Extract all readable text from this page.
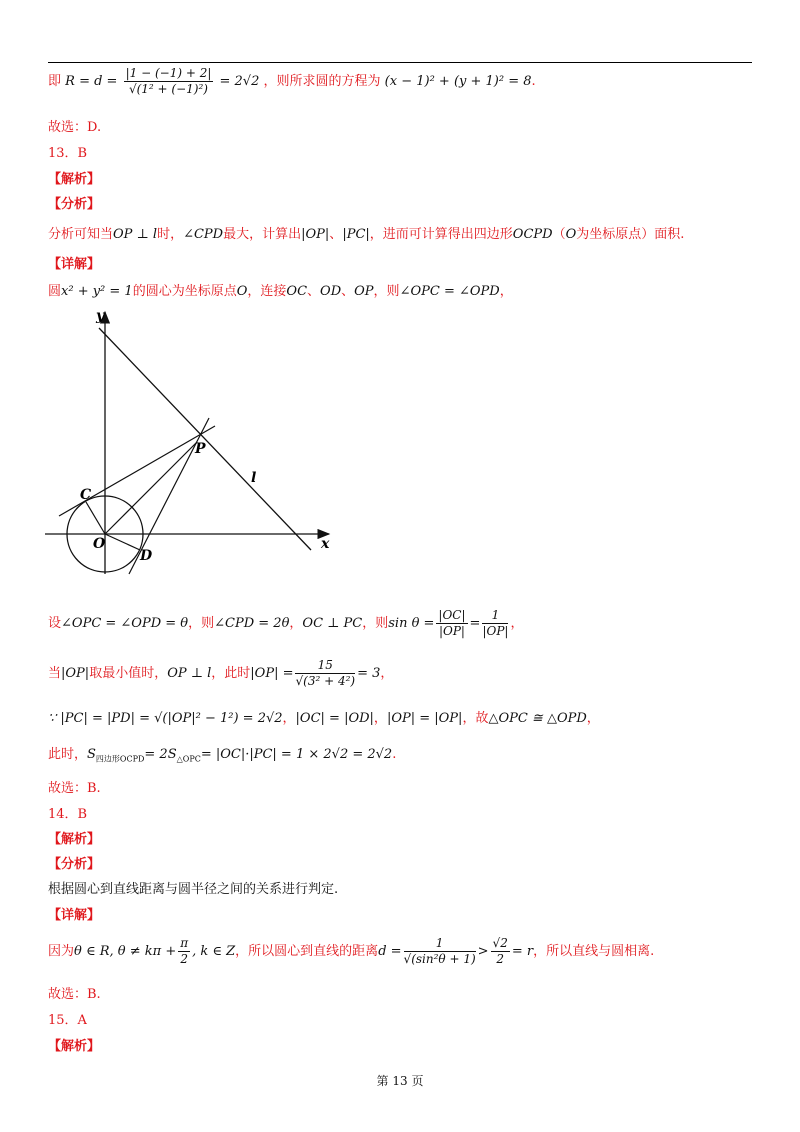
即 $R = d = \frac{|1 - (-1) + 2|}{\text{√(1² + (−1)²)}} = 2√2$ ，则所求圆的方程为 (x − 1)² + (y + 1)² = 8.
故选：D.
13．B
【解析】
【分析】
分析可知当OP ⊥ l时，∠CPD最大，计算出|OP|、|PC|，进而可计算得出四边形OCPD（O为坐标原点）面积.
【详解】
圆x² + y² = 1的圆心为坐标原点O，连接OC、OD、OP，则∠OPC = ∠OPD，
y
x
P
l
C
O
D
设∠OPC = ∠OPD = θ，则∠CPD = 2θ，OC ⊥ PC，则$\sin \theta = \frac{|OC|}{|OP|} = \frac{1}{|OP|}$ ，
当|OP|取最小值时，OP ⊥ l，此时$|OP| = \frac{15}{\text{√(3² + 4²)}} = 3$，
∵ |PC| = |PD| = √(|OP|² − 1²) = 2√2，|OC| = |OD|，|OP| = |OP|，故△OPC ≅ △OPD，
此时，$S_{四边形OCPD}= 2S_{\triangle OPC}= |OC|\cdot|PC| = 1 \times 2√2 = 2√2$.
故选：B.
14．B
【解析】
【分析】
根据圆心到直线距离与圆半径之间的关系进行判定.
【详解】
因为θ ∈ R, $\theta \ne k\pi + \frac{\pi}{2}$ , k ∈ Z，所以圆心到直线的距离$d = \frac{1}{\text{√(sin²θ + 1)}} > \frac{√2}{2} = r$，所以直线与圆相离.
故选：B.
15．A
【解析】
第 13 页
